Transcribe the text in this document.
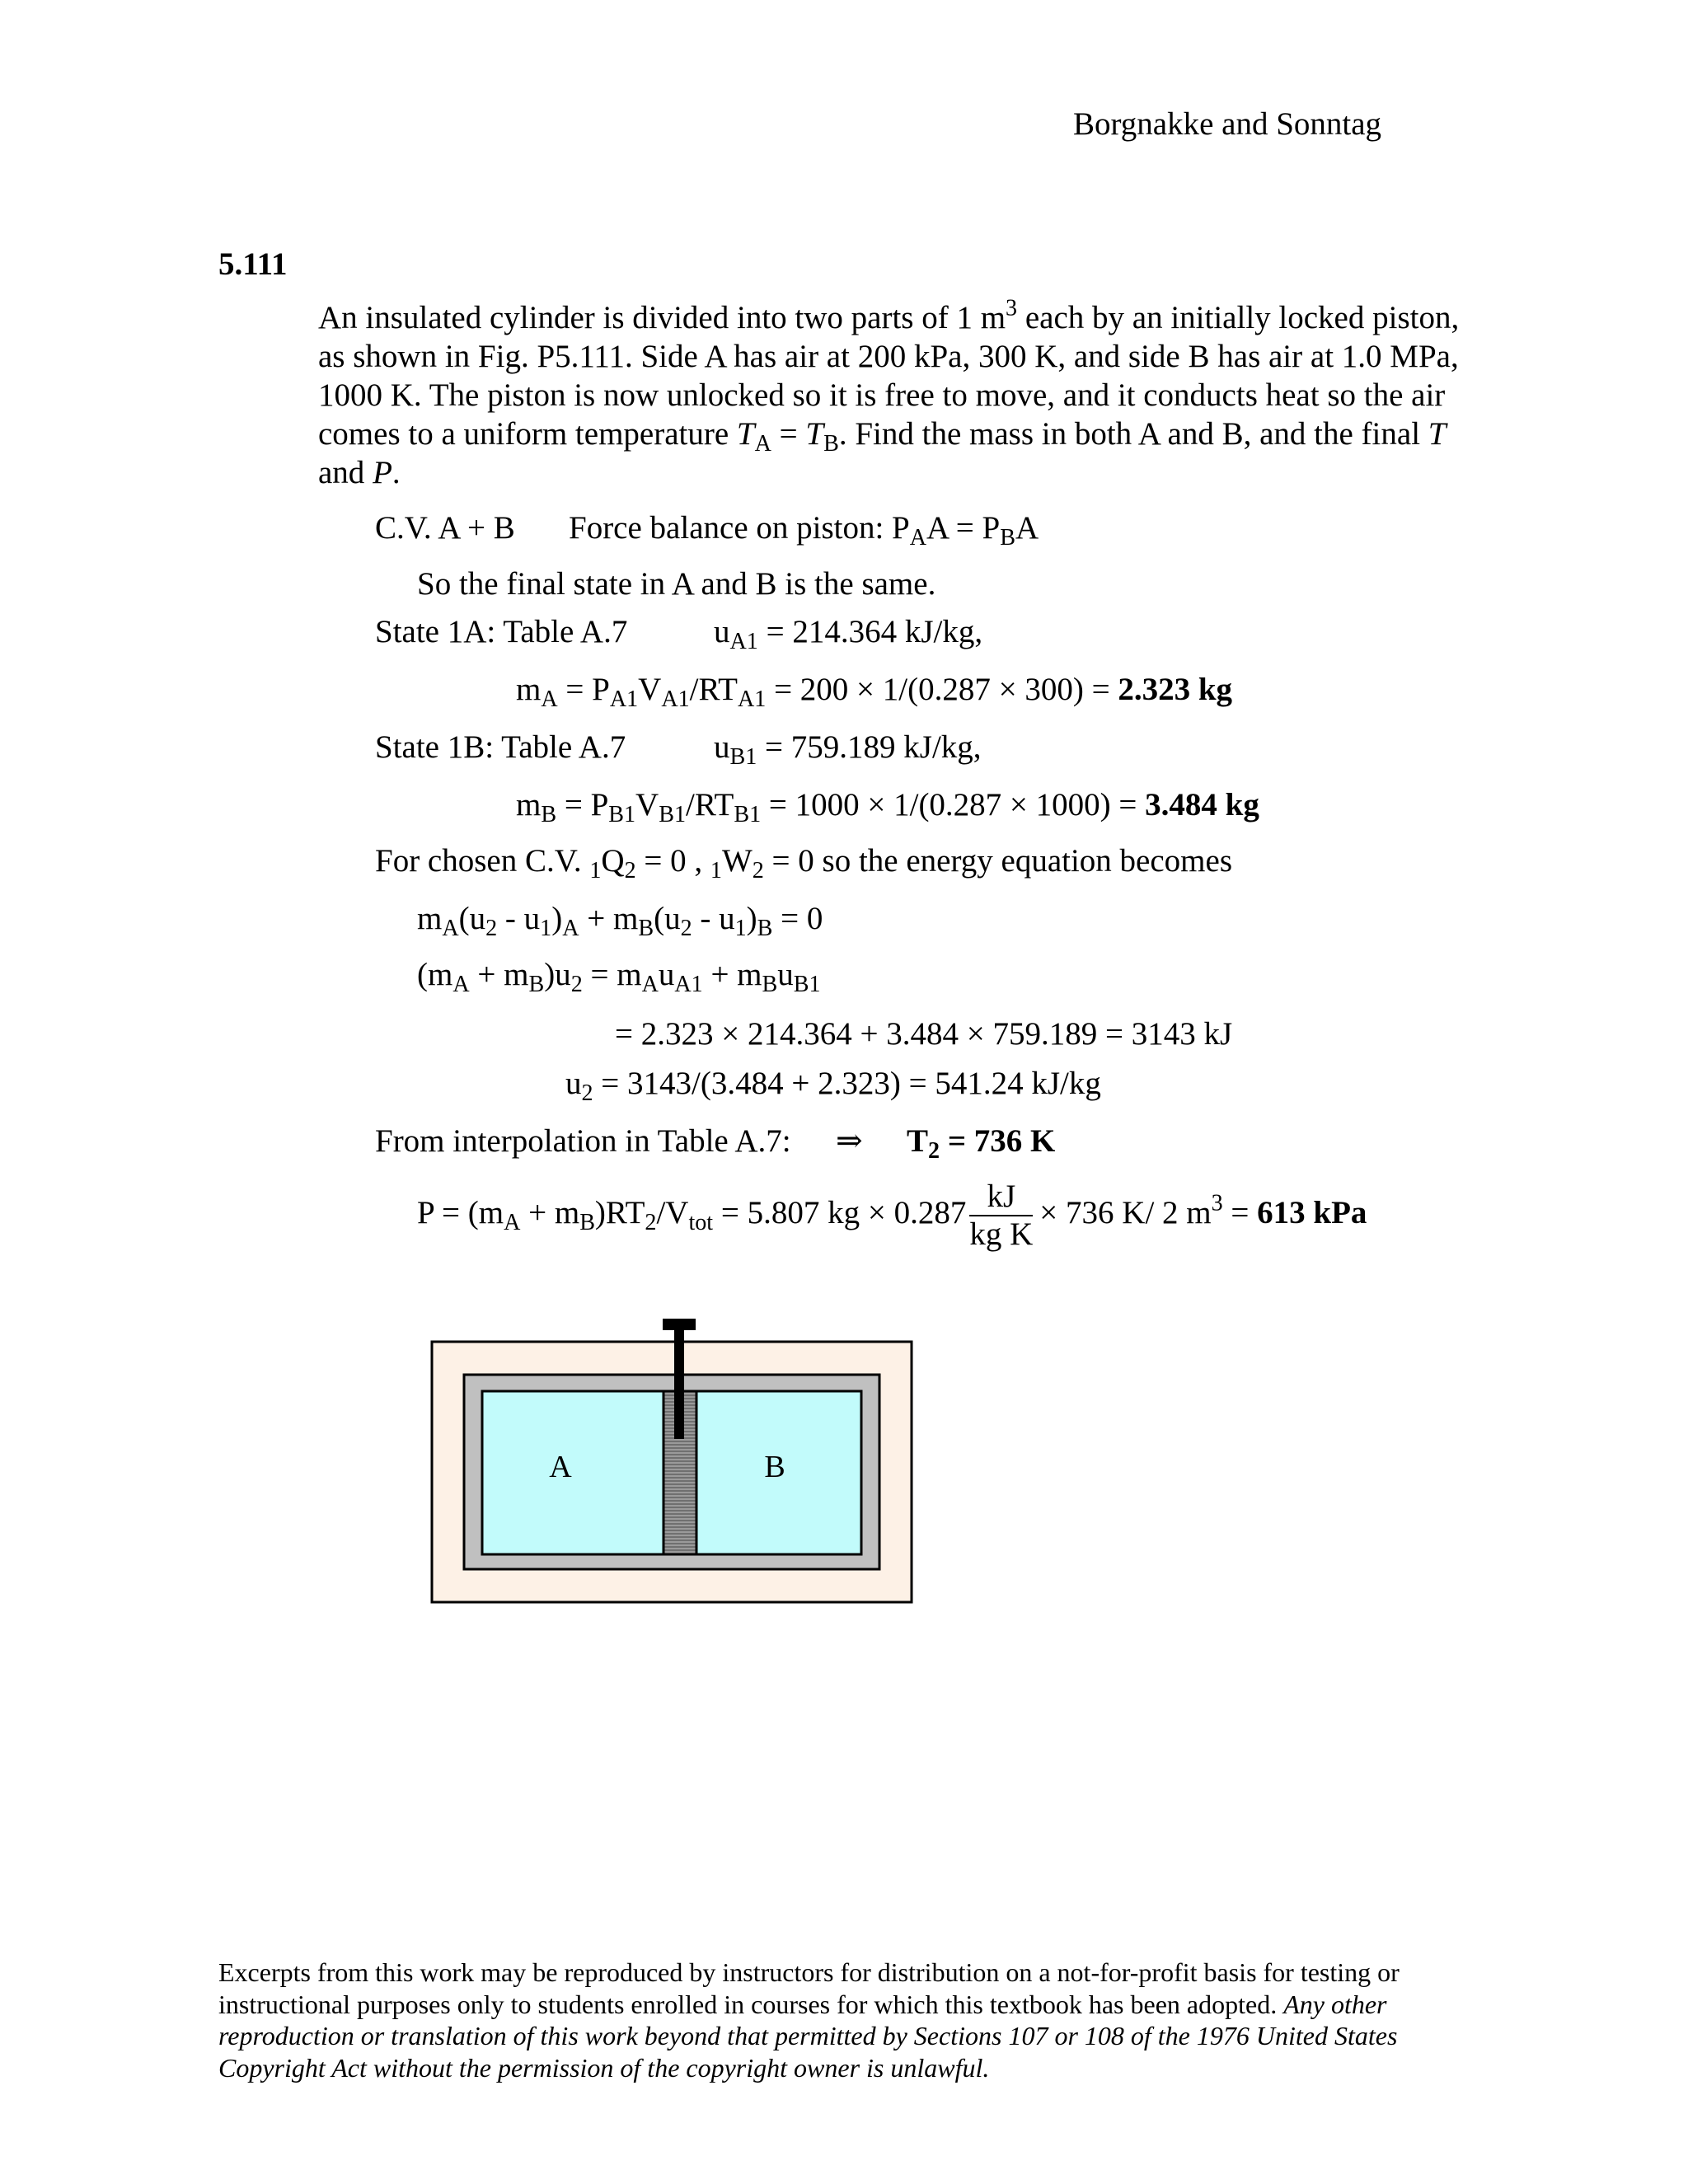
Borgnakke and Sonntag
5.111
An insulated cylinder is divided into two parts of 1 $m^3$ each by an initially locked piston, as shown in Fig. P5.111. Side A has air at 200 kPa, 300 K, and side B has air at 1.0 MPa, 1000 K. The piston is now unlocked so it is free to move, and it conducts heat so the air comes to a uniform temperature $T_A = T_B$. Find the mass in both A and B, and the final T and P.
C.V. A + B Force balance on piston: $P_AA = P_BA$
So the final state in A and B is the same.
State 1A: Table A.7	$u_{A1} = 214.364$ kJ/kg,
$m_A = P_{A1}V_{A1}/RT_{A1} = 200 \times 1/(0.287 \times 300) = 2.323$ kg
State 1B: Table A.7	$u_{B1} = 759.189$ kJ/kg,
$m_B = P_{B1}V_{B1}/RT_{B1} = 1000 \times 1/(0.287 \times 1000) = 3.484$ kg
For chosen C.V. $_1Q_2 = 0$ , $_1W_2 = 0$ so the energy equation becomes
$m_A(u_2 - u_1)_A + m_B(u_2 - u_1)_B = 0$
$(m_A + m_B)u_2 = m_Au_{A1} + m_Bu_{B1}$
= 2.323 × 214.364 + 3.484 × 759.189 = 3143 kJ
$u_2 = 3143/(3.484 + 2.323) = 541.24$ kJ/kg
From interpolation in Table A.7: ⇒ $T_2 = 736$ K
$P = (m_A + m_B)RT_2/V_{tot} = 5.807$ kg × $0.287 \frac{kJ}{\text{kg K}} \times 736$ K/ 2 $m^3 = 613$ kPa
A	B
Excerpts from this work may be reproduced by instructors for distribution on a not-for-profit basis for testing or instructional purposes only to students enrolled in courses for which this textbook has been adopted. Any other reproduction or translation of this work beyond that permitted by Sections 107 or 108 of the 1976 United States Copyright Act without the permission of the copyright owner is unlawful.
